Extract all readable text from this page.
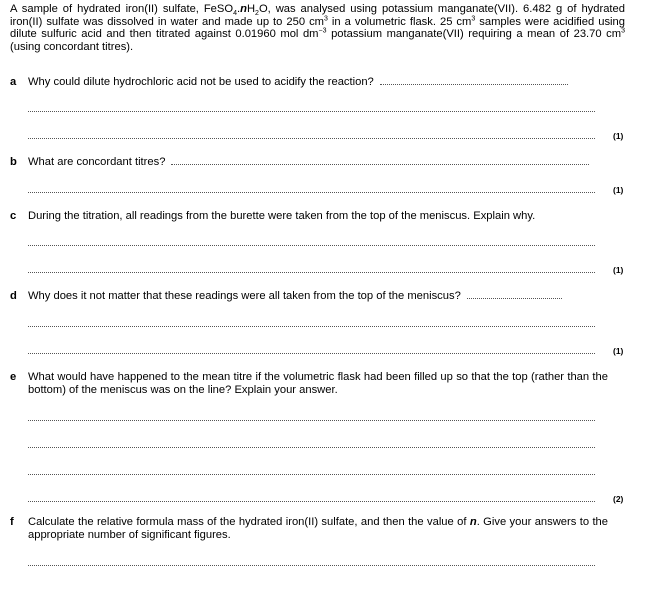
A sample of hydrated iron(II) sulfate, $FeSO_4.nH_2O$, was analysed using potassium manganate(VII). 6.482 g of hydrated iron(II) sulfate was dissolved in water and made up to 250 $cm^3$ in a volumetric flask. 25 $cm^3$ samples were acidified using dilute sulfuric acid and then titrated against 0.01960 mol $dm^{-3}$ potassium manganate(VII) requiring a mean of 23.70 $cm^3$ (using concordant titres).
a Why could dilute hydrochloric acid not be used to acidify the reaction?
(1)
b What are concordant titres?
(1)
c During the titration, all readings from the burette were taken from the top of the meniscus. Explain why.
(1)
d Why does it not matter that these readings were all taken from the top of the meniscus?
(1)
e What would have happened to the mean titre if the volumetric flask had been filled up so that the top (rather than the bottom) of the meniscus was on the line? Explain your answer.
(2)
f Calculate the relative formula mass of the hydrated iron(II) sulfate, and then the value of n. Give your answers to the appropriate number of significant figures.
